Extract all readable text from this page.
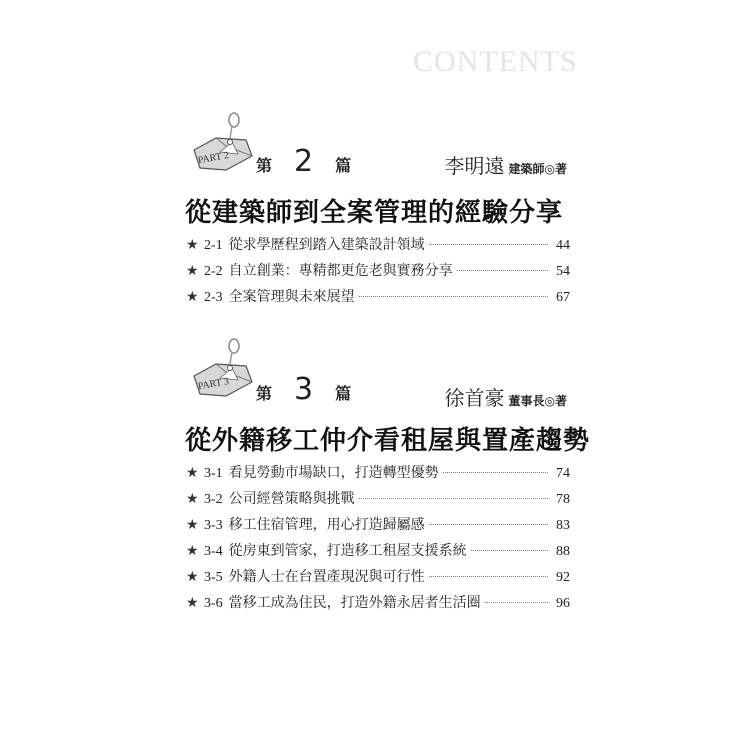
CONTENTS
PART 2 第 2 篇	李明遠 建築師◎著
從建築師到全案管理的經驗分享
★ 2-1 從求學歷程到踏入建築設計領域	44
★ 2-2 自立創業：專精都更危老與實務分享	54
★ 2-3 全案管理與未來展望	67
PART 3 第 3 篇	徐首豪 董事長◎著
從外籍移工仲介看租屋與置產趨勢
★ 3-1 看見勞動市場缺口，打造轉型優勢	74
★ 3-2 公司經營策略與挑戰	78
★ 3-3 移工住宿管理，用心打造歸屬感	83
★ 3-4 從房東到管家，打造移工租屋支援系統	88
★ 3-5 外籍人士在台置產現況與可行性	92
★ 3-6 當移工成為住民，打造外籍永居者生活圈	96
